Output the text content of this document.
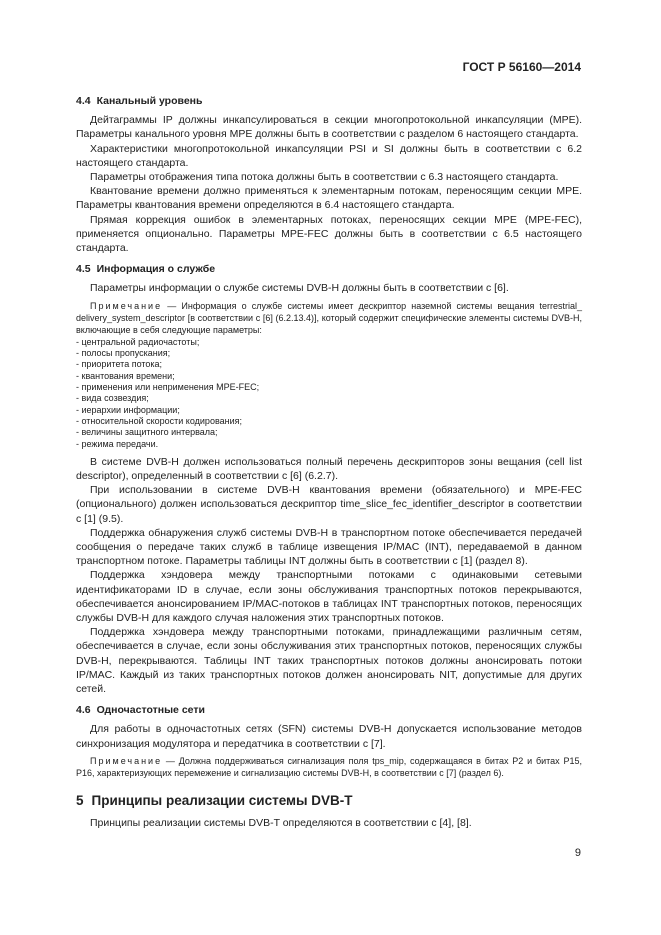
ГОСТ Р 56160—2014
4.4 Канальный уровень

Дейтаграммы IP должны инкапсулироваться в секции многопротокольной инкапсуляции (МРЕ). Параметры канального уровня МРЕ должны быть в соответствии с разделом 6 настоящего стандарта.

Характеристики многопротокольной инкапсуляции PSI и SI должны быть в соответствии с 6.2 настоящего стандарта.

Параметры отображения типа потока должны быть в соответствии с 6.3 настоящего стандарта.

Квантование времени должно применяться к элементарным потокам, переносящим секции МРЕ. Параметры квантования времени определяются в 6.4 настоящего стандарта.

Прямая коррекция ошибок в элементарных потоках, переносящих секции МРЕ (MPE-FEC), применяется опционально. Параметры MPE-FEC должны быть в соответствии с 6.5 настоящего стандарта.

4.5 Информация о службе

Параметры информации о службе системы DVB-H должны быть в соответствии с [6].

Примечание — Информация о службе системы имеет дескриптор наземной системы вещания terrestrial_ delivery_system_descriptor [в соответствии с [6] (6.2.13.4)], который содержит специфические элементы системы DVB-H, включающие в себя следующие параметры:

- центральной радиочастоты;
- полосы пропускания;
- приоритета потока;
- квантования времени;
- применения или неприменения MPE-FEC;
- вида созвездия;
- иерархии информации;
- относительной скорости кодирования;
- величины защитного интервала;
- режима передачи.

В системе DVB-H должен использоваться полный перечень дескрипторов зоны вещания (cell list descriptor), определенный в соответствии с [6] (6.2.7).

При использовании в системе DVB-H квантования времени (обязательного) и MPE-FEC (опционального) должен использоваться дескриптор time_slice_fec_identifier_descriptor в соответствии с [1] (9.5).

Поддержка обнаружения служб системы DVB-H в транспортном потоке обеспечивается передачей сообщения о передаче таких служб в таблице извещения IP/MAC (INT), передаваемой в данном транспортном потоке. Параметры таблицы INT должны быть в соответствии с [1] (раздел 8).

Поддержка хэндовера между транспортными потоками с одинаковыми сетевыми идентификаторами ID в случае, если зоны обслуживания транспортных потоков перекрываются, обеспечивается анонсированием IP/MAC-потоков в таблицах INT транспортных потоков, переносящих службы DVB-H для каждого случая наложения этих транспортных потоков.

Поддержка хэндовера между транспортными потоками, принадлежащими различным сетям, обеспечивается в случае, если зоны обслуживания этих транспортных потоков, переносящих службы DVB-H, перекрываются. Таблицы INT таких транспортных потоков должны анонсировать потоки IP/MAC. Каждый из таких транспортных потоков должен анонсировать NIT, допустимые для других сетей.

4.6 Одночастотные сети

Для работы в одночастотных сетях (SFN) системы DVB-H допускается использование методов синхронизация модулятора и передатчика в соответствии с [7].

Примечание — Должна поддерживаться сигнализация поля tps_mip, содержащаяся в битах Р2 и битах Р15, Р16, характеризующих перемежение и сигнализацию системы DVB-H, в соответствии с [7] (раздел 6).

5 Принципы реализации системы DVB-T

Принципы реализации системы DVB-T определяются в соответствии с [4], [8].

9
